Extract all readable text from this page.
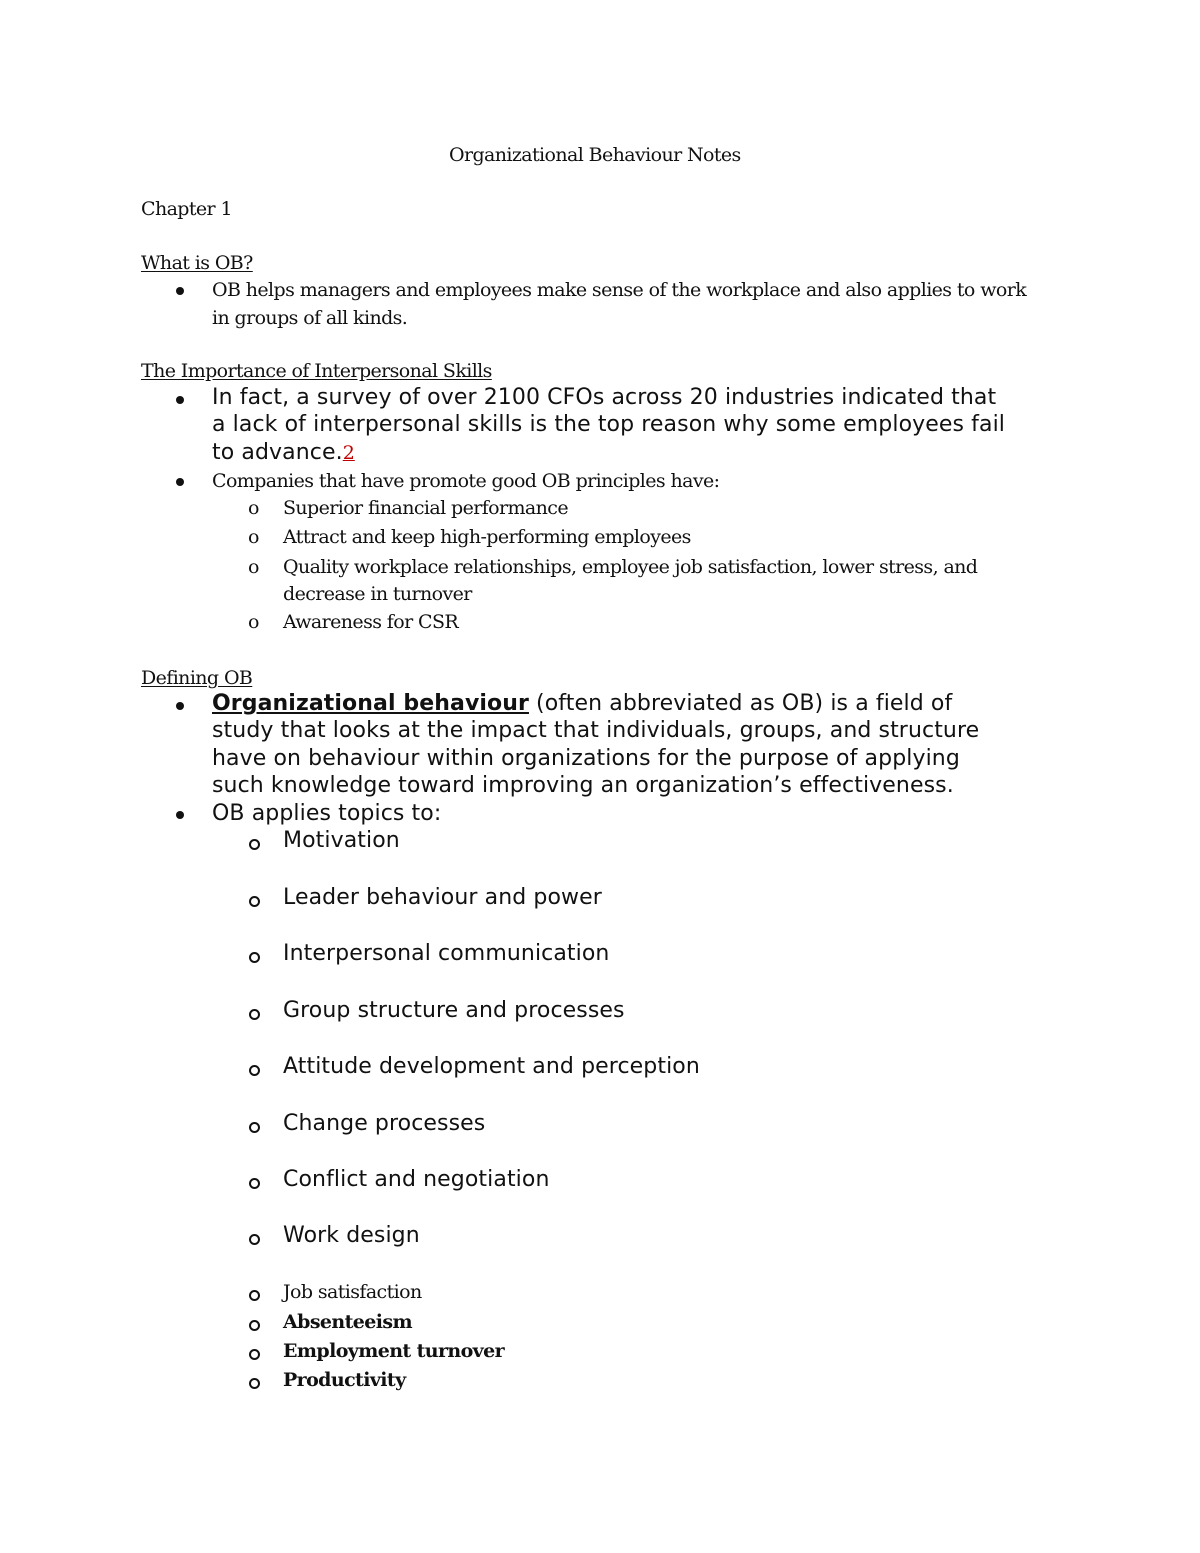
Organizational Behaviour Notes
Chapter 1
What is OB?
OB helps managers and employees make sense of the workplace and also applies to work
in groups of all kinds.
The Importance of Interpersonal Skills
In fact, a survey of over 2100 CFOs across 20 industries indicated that
a lack of interpersonal skills is the top reason why some employees fail
to advance.2
Companies that have promote good OB principles have:
o Superior financial performance
o Attract and keep high-performing employees
o Quality workplace relationships, employee job satisfaction, lower stress, and
decrease in turnover
o Awareness for CSR
Defining OB
Organizational behaviour (often abbreviated as OB) is a field of
study that looks at the impact that individuals, groups, and structure
have on behaviour within organizations for the purpose of applying
such knowledge toward improving an organization’s effectiveness.
OB applies topics to:
Motivation
Leader behaviour and power
Interpersonal communication
Group structure and processes
Attitude development and perception
Change processes
Conflict and negotiation
Work design
Job satisfaction
Absenteeism
Employment turnover
Productivity
